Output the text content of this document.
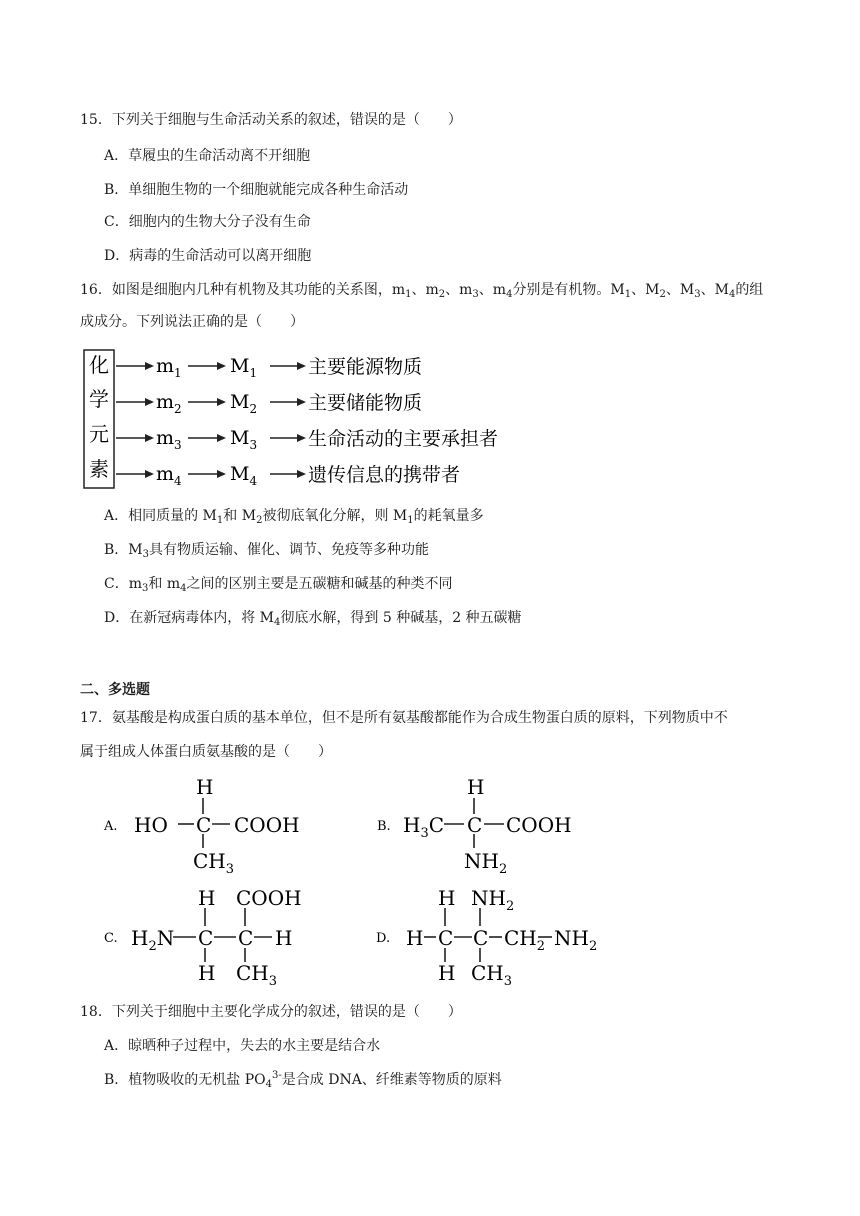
15．下列关于细胞与生命活动关系的叙述，错误的是（　　）
A．草履虫的生命活动离不开细胞
B．单细胞生物的一个细胞就能完成各种生命活动
C．细胞内的生物大分子没有生命
D．病毒的生命活动可以离开细胞
16．如图是细胞内几种有机物及其功能的关系图，$m_1$、$m_2$、$m_3$、$m_4$分别是有机物。$M_1$、$M_2$、$M_3$、$M_4$的组
成成分。下列说法正确的是（　　）
化
学
元
素
$m_1$	$M_1$	主要能源物质
$m_2$	$M_2$	主要储能物质
$m_3$	$M_3$	生命活动的主要承担者
$m_4$	$M_4$	遗传信息的携带者
A．相同质量的 $M_1$和 $M_2$被彻底氧化分解，则 $M_1$的耗氧量多
B．$M_3$具有物质运输、催化、调节、免疫等多种功能
C．$m_3$和 $m_4$之间的区别主要是五碳糖和碱基的种类不同
D．在新冠病毒体内，将 $M_4$彻底水解，得到 5 种碱基，2 种五碳糖
二、多选题
17．氨基酸是构成蛋白质的基本单位，但不是所有氨基酸都能作为合成生物蛋白质的原料，下列物质中不
属于组成人体蛋白质氨基酸的是（　　）
A.	B.
C.	D.
H
HO C COOH
$CH_3$
H
$H_3C$ C COOH
$NH_2$
H COOH
$H_2N$ C C H
H $CH_3$
H $NH_2$
H C C $CH_2$ $NH_2$
H $CH_3$
18．下列关于细胞中主要化学成分的叙述，错误的是（　　）
A．晾晒种子过程中，失去的水主要是结合水
B．植物吸收的无机盐 $PO_4^{3-}$是合成 DNA、纤维素等物质的原料
